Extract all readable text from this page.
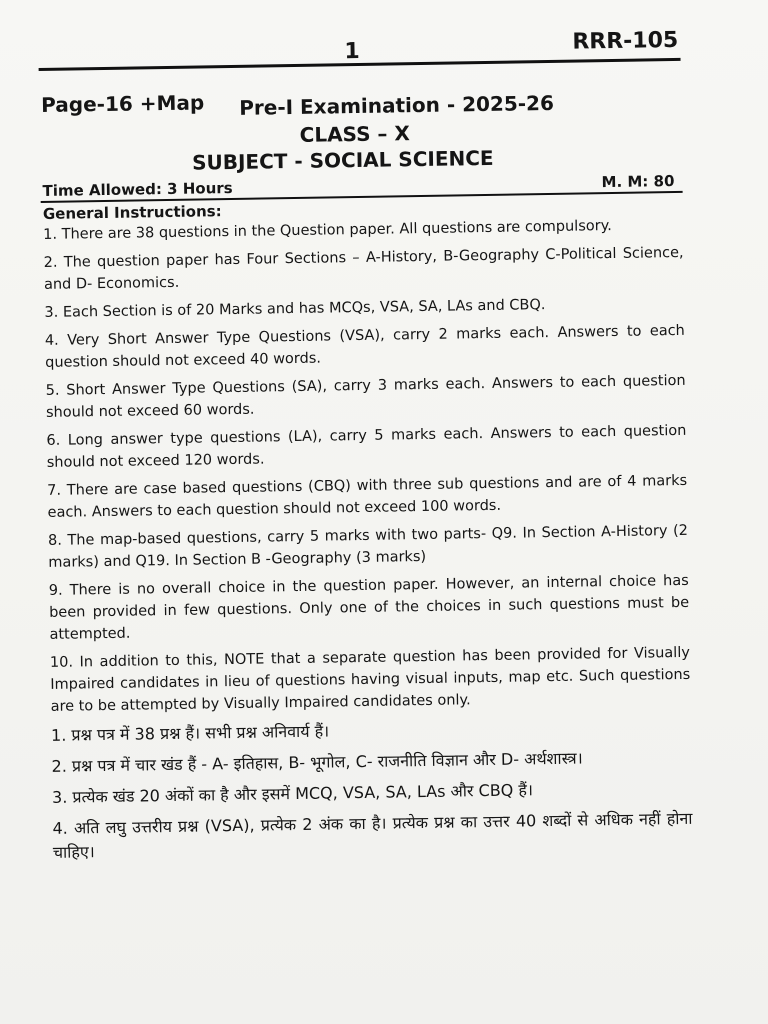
1	RRR-105
Page-16 +Map Pre-I Examination - 2025-26
CLASS – X
SUBJECT - SOCIAL SCIENCE
Time Allowed: 3 Hours	M. M: 80
General Instructions:

1. There are 38 questions in the Question paper. All questions are compulsory.

2. The question paper has Four Sections – A-History, B-Geography C-Political Science, and D- Economics.

3. Each Section is of 20 Marks and has MCQs, VSA, SA, LAs and CBQ.

4. Very Short Answer Type Questions (VSA), carry 2 marks each. Answers to each question should not exceed 40 words.

5. Short Answer Type Questions (SA), carry 3 marks each. Answers to each question should not exceed 60 words.

6. Long answer type questions (LA), carry 5 marks each. Answers to each question should not exceed 120 words.

7. There are case based questions (CBQ) with three sub questions and are of 4 marks each. Answers to each question should not exceed 100 words.

8. The map-based questions, carry 5 marks with two parts- Q9. In Section A-History (2 marks) and Q19. In Section B -Geography (3 marks)

9. There is no overall choice in the question paper. However, an internal choice has been provided in few questions. Only one of the choices in such questions must be attempted.

10. In addition to this, NOTE that a separate question has been provided for Visually Impaired candidates in lieu of questions having visual inputs, map etc. Such questions are to be attempted by Visually Impaired candidates only.

1. प्रश्न पत्र में 38 प्रश्न हैं। सभी प्रश्न अनिवार्य हैं।

2. प्रश्न पत्र में चार खंड हैं - A- इतिहास, B- भूगोल, C- राजनीति विज्ञान और D- अर्थशास्त्र।

3. प्रत्येक खंड 20 अंकों का है और इसमें MCQ, VSA, SA, LAs और CBQ हैं।

4. अति लघु उत्तरीय प्रश्न (VSA), प्रत्येक 2 अंक का है। प्रत्येक प्रश्न का उत्तर 40 शब्दों से अधिक नहीं होना चाहिए।
